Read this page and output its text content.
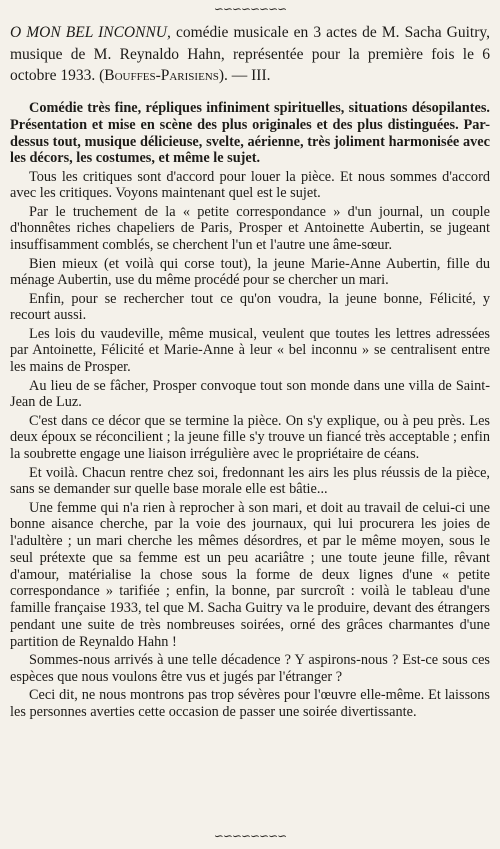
∽∽∽∽∽∽∽∽
O MON BEL INCONNU, comédie musicale en 3 actes de M. Sacha Guitry, musique de M. Reynaldo Hahn, représentée pour la première fois le 6 octobre 1933. (Bouffes-Parisiens). — III.

Comédie très fine, répliques infiniment spirituelles, situations désopilantes. Présentation et mise en scène des plus originales et des plus distinguées. Par-dessus tout, musique délicieuse, svelte, aérienne, très joliment harmonisée avec les décors, les costumes, et même le sujet.

Tous les critiques sont d'accord pour louer la pièce. Et nous sommes d'accord avec les critiques. Voyons maintenant quel est le sujet.

Par le truchement de la « petite correspondance » d'un journal, un couple d'honnêtes riches chapeliers de Paris, Prosper et Antoinette Aubertin, se jugeant insuffisamment comblés, se cherchent l'un et l'autre une âme-sœur.

Bien mieux (et voilà qui corse tout), la jeune Marie-Anne Aubertin, fille du ménage Aubertin, use du même procédé pour se chercher un mari.

Enfin, pour se rechercher tout ce qu'on voudra, la jeune bonne, Félicité, y recourt aussi.

Les lois du vaudeville, même musical, veulent que toutes les lettres adressées par Antoinette, Félicité et Marie-Anne à leur « bel inconnu » se centralisent entre les mains de Prosper.

Au lieu de se fâcher, Prosper convoque tout son monde dans une villa de Saint-Jean de Luz.

C'est dans ce décor que se termine la pièce. On s'y explique, ou à peu près. Les deux époux se réconcilient ; la jeune fille s'y trouve un fiancé très acceptable ; enfin la soubrette engage une liaison irrégulière avec le propriétaire de céans.

Et voilà. Chacun rentre chez soi, fredonnant les airs les plus réussis de la pièce, sans se demander sur quelle base morale elle est bâtie...

Une femme qui n'a rien à reprocher à son mari, et doit au travail de celui-ci une bonne aisance cherche, par la voie des journaux, qui lui procurera les joies de l'adultère ; un mari cherche les mêmes désordres, et par le même moyen, sous le seul prétexte que sa femme est un peu acariâtre ; une toute jeune fille, rêvant d'amour, matérialise la chose sous la forme de deux lignes d'une « petite correspondance » tarifiée ; enfin, la bonne, par surcroît : voilà le tableau d'une famille française 1933, tel que M. Sacha Guitry va le produire, devant des étrangers pendant une suite de très nombreuses soirées, orné des grâces charmantes d'une partition de Reynaldo Hahn !

Sommes-nous arrivés à une telle décadence ? Y aspirons-nous ? Est-ce sous ces espèces que nous voulons être vus et jugés par l'étranger ?

Ceci dit, ne nous montrons pas trop sévères pour l'œuvre elle-même. Et laissons les personnes averties cette occasion de passer une soirée divertissante.

∽∽∽∽∽∽∽∽
